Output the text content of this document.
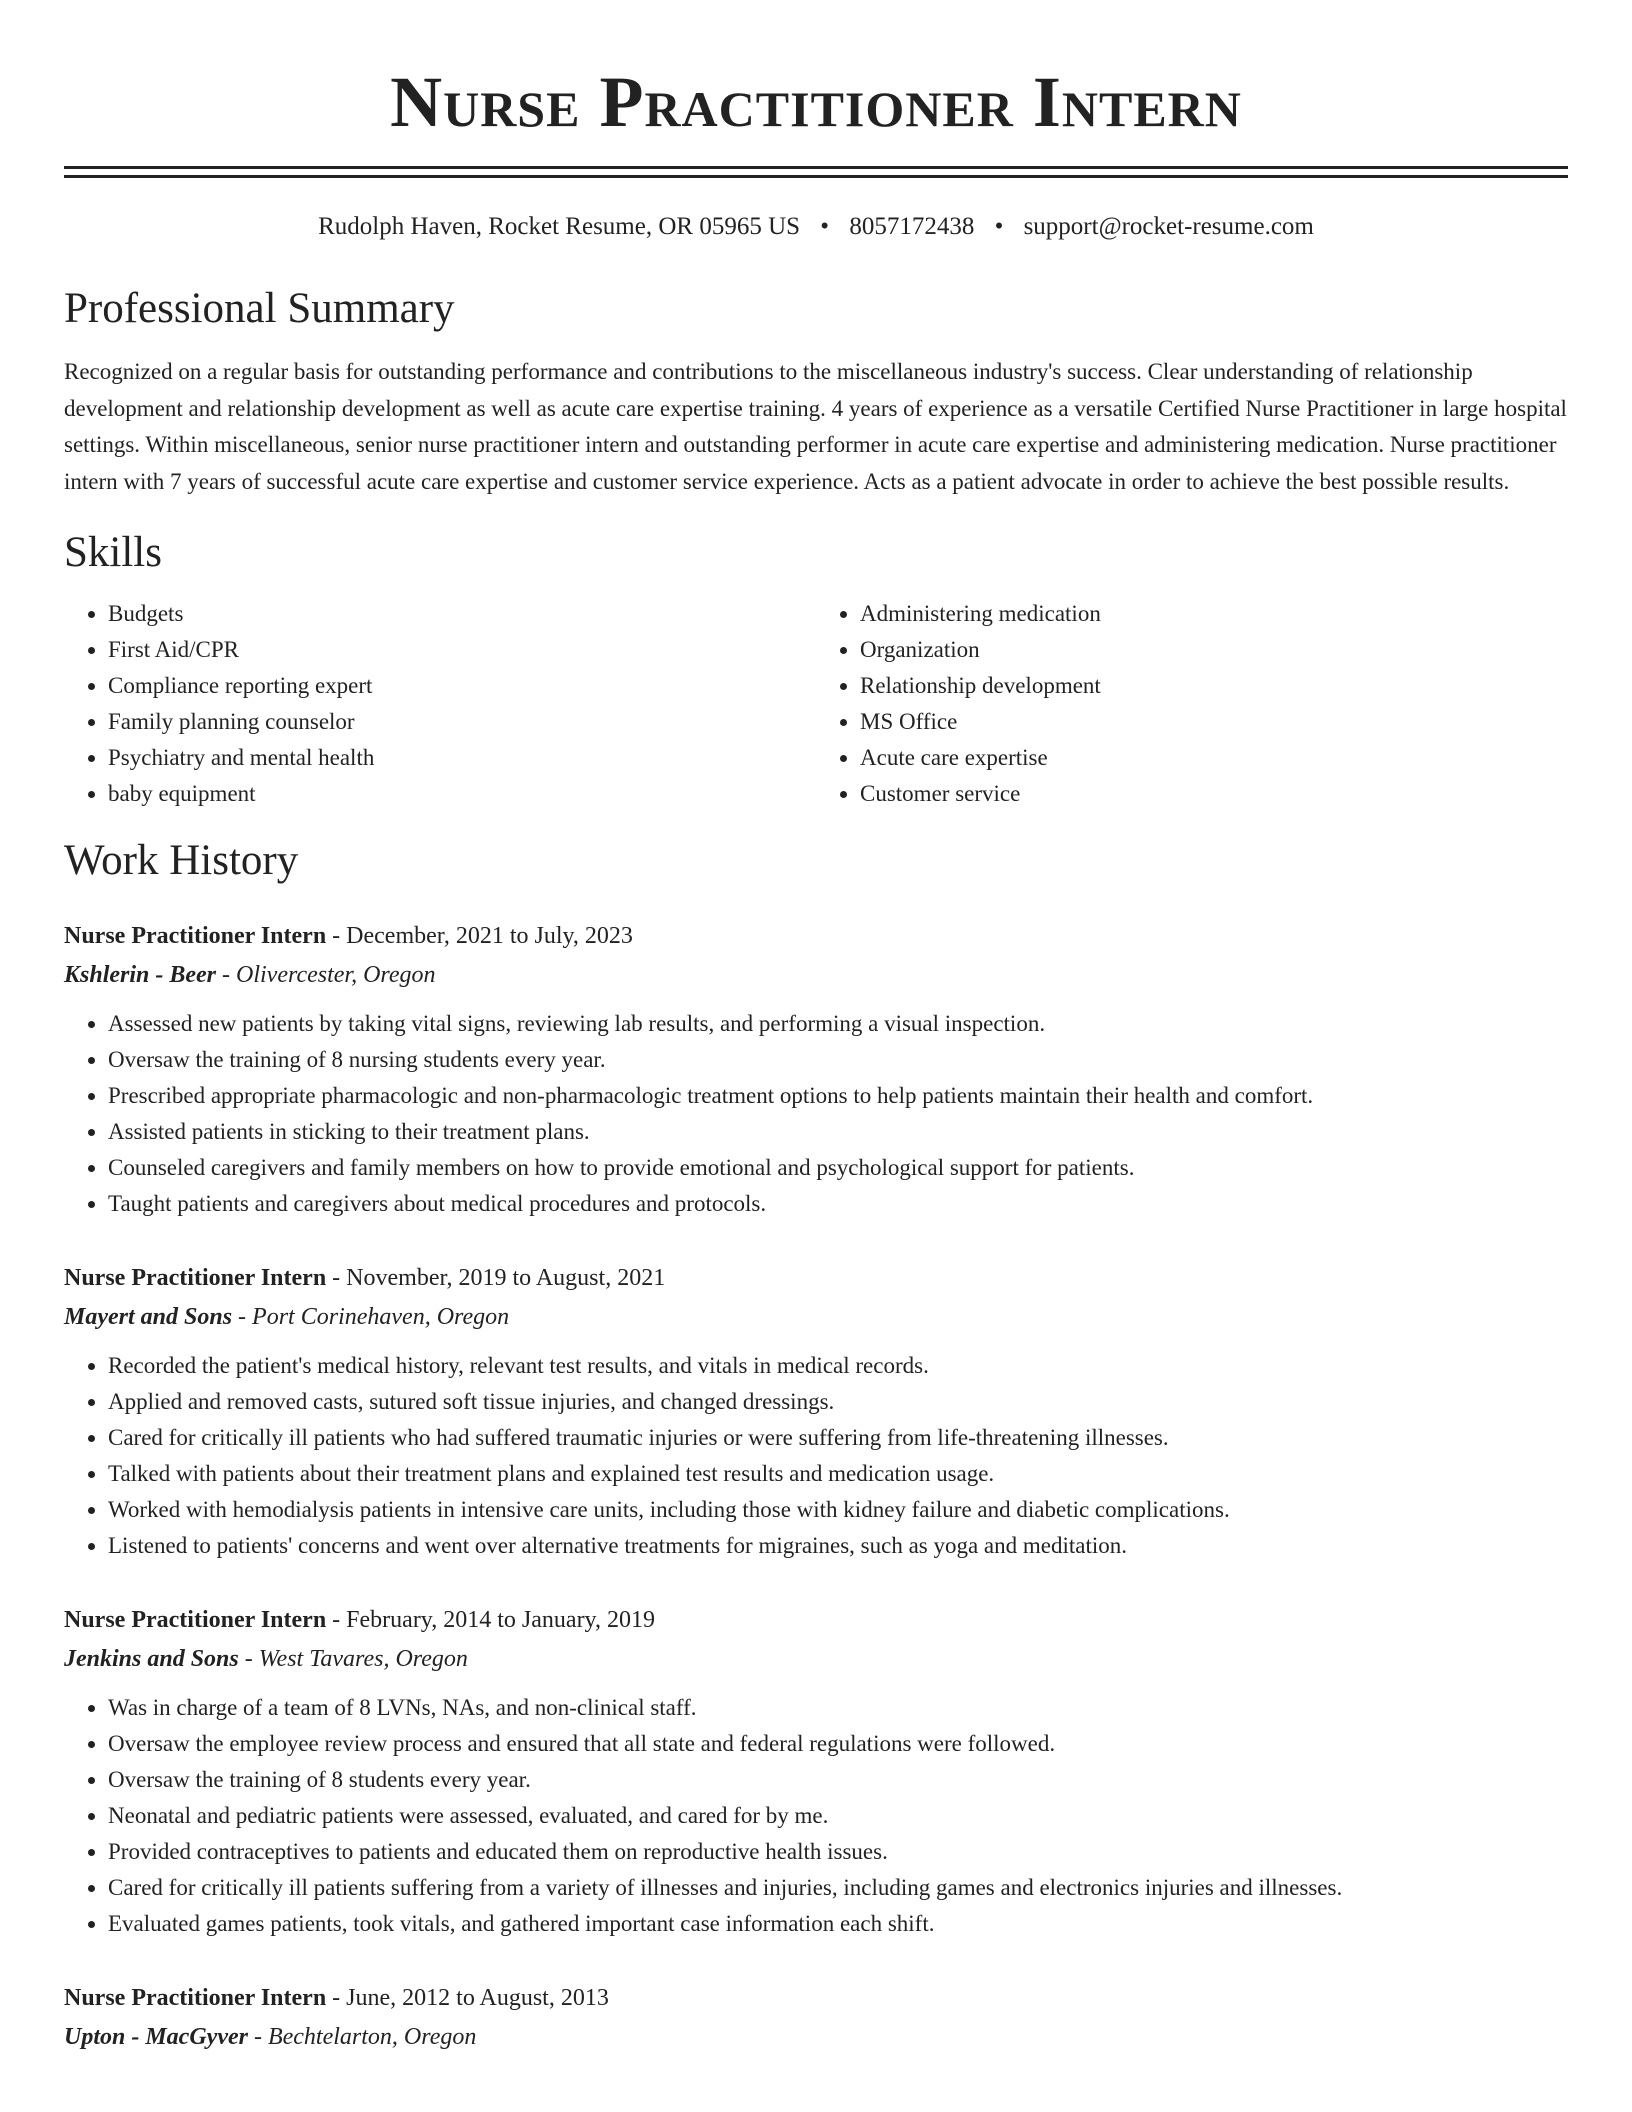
Nurse Practitioner Intern
Rudolph Haven, Rocket Resume, OR 05965 US • 8057172438 • support@rocket-resume.com
Professional Summary

Recognized on a regular basis for outstanding performance and contributions to the miscellaneous industry's success. Clear understanding of relationship development and relationship development as well as acute care expertise training. 4 years of experience as a versatile Certified Nurse Practitioner in large hospital settings. Within miscellaneous, senior nurse practitioner intern and outstanding performer in acute care expertise and administering medication. Nurse practitioner intern with 7 years of successful acute care expertise and customer service experience. Acts as a patient advocate in order to achieve the best possible results.

Skills
• Budgets
• First Aid/CPR
• Compliance reporting expert
• Family planning counselor
• Psychiatry and mental health
• baby equipment
• Administering medication
• Organization
• Relationship development
• MS Office
• Acute care expertise
• Customer service
Work History
Nurse Practitioner Intern - December, 2021 to July, 2023
Kshlerin - Beer - Olivercester, Oregon
• Assessed new patients by taking vital signs, reviewing lab results, and performing a visual inspection.
• Oversaw the training of 8 nursing students every year.
• Prescribed appropriate pharmacologic and non-pharmacologic treatment options to help patients maintain their health and comfort.
• Assisted patients in sticking to their treatment plans.
• Counseled caregivers and family members on how to provide emotional and psychological support for patients.
• Taught patients and caregivers about medical procedures and protocols.
Nurse Practitioner Intern - November, 2019 to August, 2021
Mayert and Sons - Port Corinehaven, Oregon
• Recorded the patient's medical history, relevant test results, and vitals in medical records.
• Applied and removed casts, sutured soft tissue injuries, and changed dressings.
• Cared for critically ill patients who had suffered traumatic injuries or were suffering from life-threatening illnesses.
• Talked with patients about their treatment plans and explained test results and medication usage.
• Worked with hemodialysis patients in intensive care units, including those with kidney failure and diabetic complications.
• Listened to patients' concerns and went over alternative treatments for migraines, such as yoga and meditation.
Nurse Practitioner Intern - February, 2014 to January, 2019
Jenkins and Sons - West Tavares, Oregon
• Was in charge of a team of 8 LVNs, NAs, and non-clinical staff.
• Oversaw the employee review process and ensured that all state and federal regulations were followed.
• Oversaw the training of 8 students every year.
• Neonatal and pediatric patients were assessed, evaluated, and cared for by me.
• Provided contraceptives to patients and educated them on reproductive health issues.
• Cared for critically ill patients suffering from a variety of illnesses and injuries, including games and electronics injuries and illnesses.
• Evaluated games patients, took vitals, and gathered important case information each shift.
Nurse Practitioner Intern - June, 2012 to August, 2013
Upton - MacGyver - Bechtelarton, Oregon
